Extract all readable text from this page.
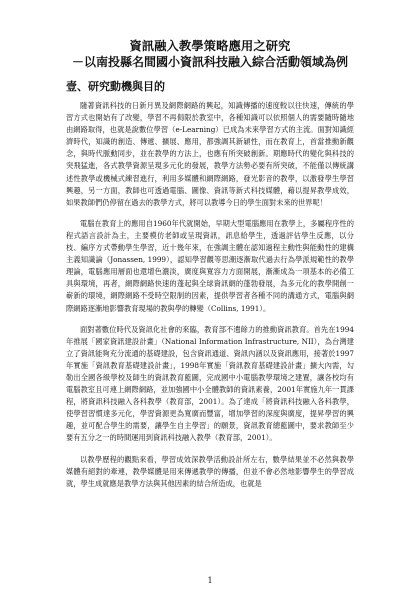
資訊融入教學策略應用之研究
－以南投縣名間國小資訊科技融入綜合活動領域為例
壹、研究動機與目的

隨著資訊科技的日新月異及網際網路的興起，知識傳播的速度較以往快速，傳統的學習方式也開始有了改變，學習不再侷限於教室中，各種知識可以依照個人的需要隨時隨地由網路取得，也就是說數位學習（e-Learning）已成為未來學習方式的主流。面對知識經濟時代，知識的創造、傳遞、擴展、應用，都強調其新穎性，而在教育上，首當推動新觀念，與時代脈動同步，並在教學的方法上，也應有所突破創新。期應時代的變化與科技的突飛猛進，各式教學資源呈現多元化的發展，教學方法勢必要有所突破，不能僅以傳統講述性教學或機械式練習進行，利用多媒體和網際網路，發光影音的教學，以激發學生學習興趣，另一方面，教師也可透過電腦、圖像、資訊等新式科技媒體，藉以提昇教學成效，如果教師們仍停留在過去的教學方式，將可以教導今日的學生面對未來的世界呢！

電腦在教育上的應用自1960年代就開始，早期大型電腦應用在教學上，多屬程序性的程式語言設計為主，主要模仿老師或呈現資訊，訊息給學生，透過評估學生反應，以分枝、編序方式帶動學生學習，近十幾年來，在強調主體在認知過程主動性與能動性的建構主義知識論（Jonassen, 1999），認知學習觀等思潮逐漸取代過去行為學派規範性的教學理論，電腦應用層面也還增色濃淡，廣度與寬容力方面開展，漸漸成為一項基本的必備工具與環境，再者，網際網路快速的蓬起與全球資訊網的蓬勃發展，為多元化的教學開創一嶄新的環境，網際網路不受時空限制的因素，提供學習者各種不同的溝通方式，電腦與網際網路逐漸地影響教育現場的教與學的轉變（Collins, 1991）。

面對著數位時代及資訊化社會的來臨，教育部不遺餘力的推動資訊教育。首先在1994年推展「國家資訊建設計畫」（National Information Infrastructure, NII），為台灣建立了資訊能夠充分流通的基礎建設，包含資訊通道、資訊內涵以及資訊應用，接著於1997年實施「資訊教育基礎建設計畫」，1998年實施「資訊教育基礎建設計畫」擴大內需，勾勒出全國各級學校及師生的資訊教育藍圖，完成國中小電腦教學環境之建置，讓各校均有電腦教室且可連上網際網路，並加強國中小全體教師的資訊素養，2001年實施九年一貫課程，將資訊科技融入各科教學（教育部，2001）。為了達成「將資訊科技融入各科教學，使學習習慣達多元化，學習資源更為寬廣而豐富，增加學習的深度與廣度，提昇學習的興趣，並可配合學生的需要，讓學生自主學習」的願景，資訊教育總藍圖中，要求教師至少要有五分之一的時間運用到資訊科技融入教學（教育部，2001）。

以教學歷程的觀點來看，學習成效深教學活動設計所左右，數學結果並不必然與教學媒體有絕對的牽連，教學媒體是用來傳遞教學的傳播，但並不會必然地影響學生的學習成就，學生成就應是教學方法與其他因素的結合所造成，也就是

1
